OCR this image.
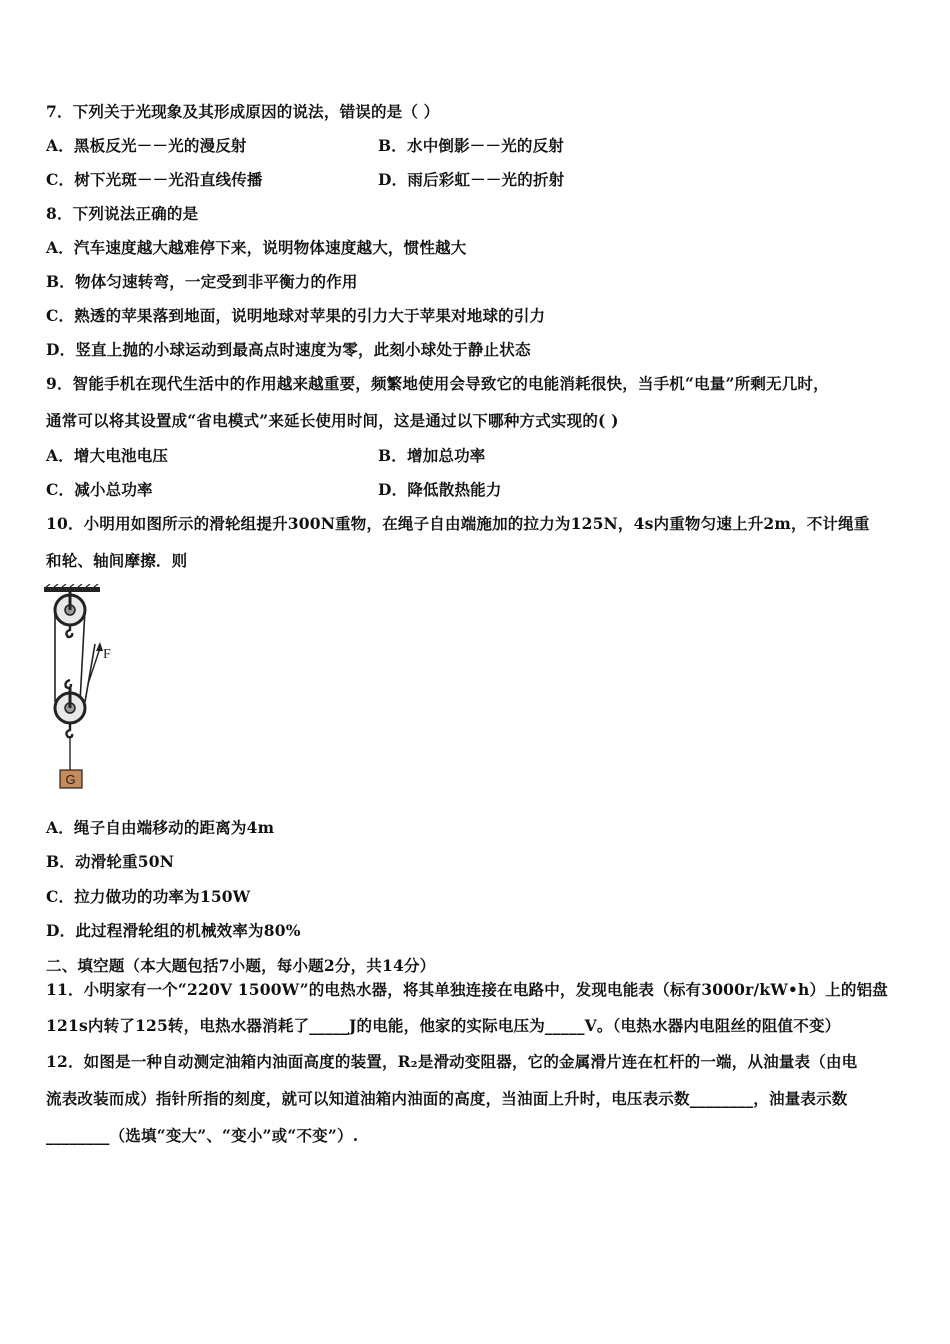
7．下列关于光现象及其形成原因的说法，错误的是（ ）
A．黑板反光－－光的漫反射	B．水中倒影－－光的反射
C．树下光斑－－光沿直线传播	D．雨后彩虹－－光的折射
8．下列说法正确的是
A．汽车速度越大越难停下来，说明物体速度越大，惯性越大
B．物体匀速转弯，一定受到非平衡力的作用
C．熟透的苹果落到地面，说明地球对苹果的引力大于苹果对地球的引力
D．竖直上抛的小球运动到最高点时速度为零，此刻小球处于静止状态
9．智能手机在现代生活中的作用越来越重要，频繁地使用会导致它的电能消耗很快，当手机“电量”所剩无几时，
通常可以将其设置成“省电模式”来延长使用时间，这是通过以下哪种方式实现的( )
A．增大电池电压	B．增加总功率
C．减小总功率	D．降低散热能力
10．小明用如图所示的滑轮组提升300N重物，在绳子自由端施加的拉力为125N，4s内重物匀速上升2m，不计绳重
和轮、轴间摩擦．则
F
G
A．绳子自由端移动的距离为4m
B．动滑轮重50N
C．拉力做功的功率为150W
D．此过程滑轮组的机械效率为80%
二、填空题（本大题包括7小题，每小题2分，共14分）
11．小明家有一个“220V 1500W”的电热水器，将其单独连接在电路中，发现电能表（标有3000r/kW•h）上的铝盘
121s内转了125转，电热水器消耗了_____J的电能，他家的实际电压为_____V。（电热水器内电阻丝的阻值不变）
12．如图是一种自动测定油箱内油面高度的装置，R₂是滑动变阻器，它的金属滑片连在杠杆的一端，从油量表（由电
流表改装而成）指针所指的刻度，就可以知道油箱内油面的高度，当油面上升时，电压表示数________，油量表示数
________（选填“变大”、“变小”或“不变”）.
